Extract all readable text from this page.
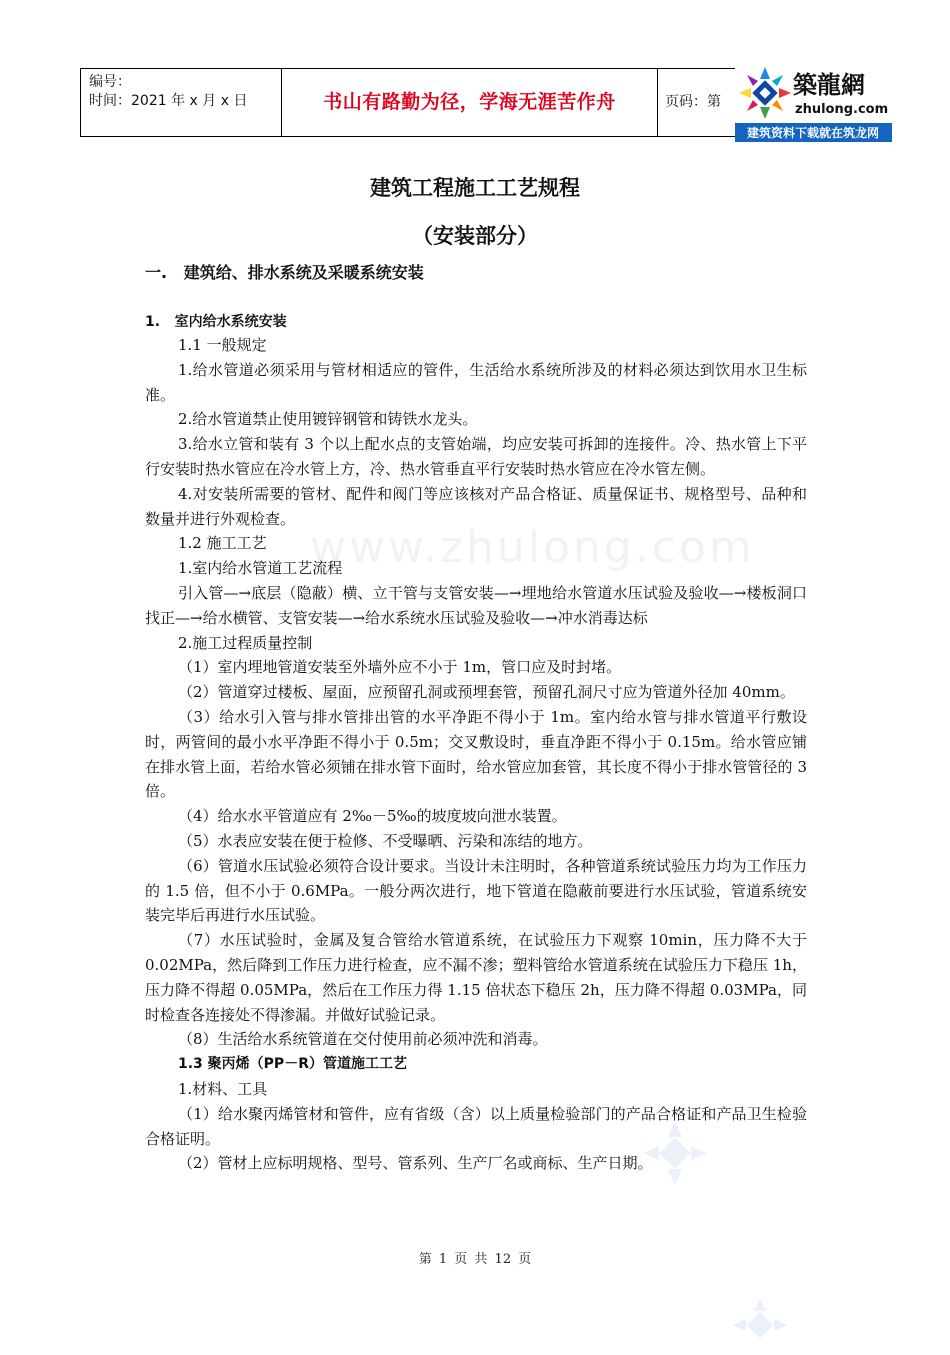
编号：
时间：2021 年 x 月 x 日	书山有路勤为径，学海无涯苦作舟	页码：第
築龍網
zhulong.com
建筑资料下载就在筑龙网
www.zhulong.com
建筑工程施工工艺规程
（安装部分）
一.   建筑给、排水系统及采暖系统安装
1.   室内给水系统安装

1.1 一般规定

1.给水管道必须采用与管材相适应的管件，生活给水系统所涉及的材料必须达到饮用水卫生标准。

2.给水管道禁止使用镀锌钢管和铸铁水龙头。

3.给水立管和装有 3 个以上配水点的支管始端，均应安装可拆卸的连接件。冷、热水管上下平行安装时热水管应在冷水管上方，冷、热水管垂直平行安装时热水管应在冷水管左侧。

4.对安装所需要的管材、配件和阀门等应该核对产品合格证、质量保证书、规格型号、品种和数量并进行外观检查。

1.2 施工工艺

1.室内给水管道工艺流程

引入管—→底层（隐蔽）横、立干管与支管安装—→埋地给水管道水压试验及验收—→楼板洞口找正—→给水横管、支管安装—→给水系统水压试验及验收—→冲水消毒达标

2.施工过程质量控制

（1）室内埋地管道安装至外墙外应不小于 1m，管口应及时封堵。

（2）管道穿过楼板、屋面，应预留孔洞或预埋套管，预留孔洞尺寸应为管道外径加 40mm。

（3）给水引入管与排水管排出管的水平净距不得小于 1m。室内给水管与排水管道平行敷设时，两管间的最小水平净距不得小于 0.5m；交叉敷设时，垂直净距不得小于 0.15m。给水管应铺在排水管上面，若给水管必须铺在排水管下面时，给水管应加套管，其长度不得小于排水管管径的 3 倍。

（4）给水水平管道应有 2‰－5‰的坡度坡向泄水装置。

（5）水表应安装在便于检修、不受曝晒、污染和冻结的地方。

（6）管道水压试验必须符合设计要求。当设计未注明时，各种管道系统试验压力均为工作压力的 1.5 倍，但不小于 0.6MPa。一般分两次进行，地下管道在隐蔽前要进行水压试验，管道系统安装完毕后再进行水压试验。

（7）水压试验时，金属及复合管给水管道系统，在试验压力下观察 10min，压力降不大于 0.02MPa，然后降到工作压力进行检查，应不漏不渗；塑料管给水管道系统在试验压力下稳压 1h，压力降不得超 0.05MPa，然后在工作压力得 1.15 倍状态下稳压 2h，压力降不得超 0.03MPa，同时检查各连接处不得渗漏。并做好试验记录。

（8）生活给水系统管道在交付使用前必须冲洗和消毒。

1.3 聚丙烯（PP－R）管道施工工艺

1.材料、工具

（1）给水聚丙烯管材和管件，应有省级（含）以上质量检验部门的产品合格证和产品卫生检验合格证明。

（2）管材上应标明规格、型号、管系列、生产厂名或商标、生产日期。

第 1 页 共 12 页
